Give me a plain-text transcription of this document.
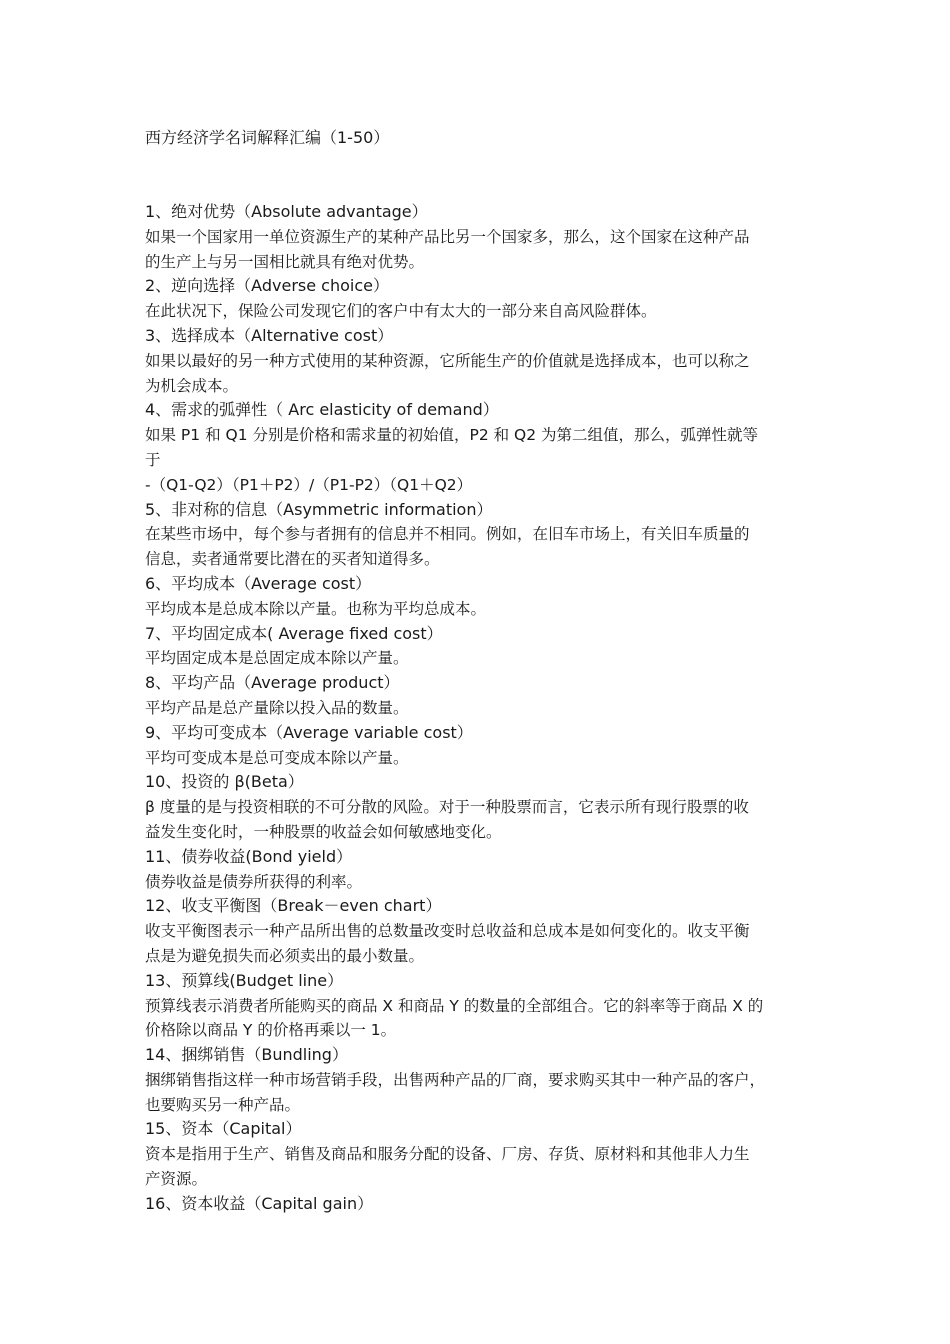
西方经济学名词解释汇编（1-50）
1、绝对优势（Absolute advantage）
如果一个国家用一单位资源生产的某种产品比另一个国家多，那么，这个国家在这种产品
的生产上与另一国相比就具有绝对优势。
2、逆向选择（Adverse choice）
在此状况下，保险公司发现它们的客户中有太大的一部分来自高风险群体。
3、选择成本（Alternative cost）
如果以最好的另一种方式使用的某种资源，它所能生产的价值就是选择成本，也可以称之
为机会成本。
4、需求的弧弹性（ Arc elasticity of demand）
如果 P1 和 Q1 分别是价格和需求量的初始值，P2 和 Q2 为第二组值，那么，弧弹性就等
于
-（Q1-Q2）（P1＋P2）/（P1-P2）（Q1＋Q2）
5、非对称的信息（Asymmetric information）
在某些市场中，每个参与者拥有的信息并不相同。例如，在旧车市场上，有关旧车质量的
信息，卖者通常要比潜在的买者知道得多。
6、平均成本（Average cost）
平均成本是总成本除以产量。也称为平均总成本。
7、平均固定成本( Average fixed cost）
平均固定成本是总固定成本除以产量。
8、平均产品（Average product）
平均产品是总产量除以投入品的数量。
9、平均可变成本（Average variable cost）
平均可变成本是总可变成本除以产量。
10、投资的 β(Beta）
β 度量的是与投资相联的不可分散的风险。对于一种股票而言，它表示所有现行股票的收
益发生变化时，一种股票的收益会如何敏感地变化。
11、债券收益(Bond yield）
债券收益是债券所获得的利率。
12、收支平衡图（Break－even chart）
收支平衡图表示一种产品所出售的总数量改变时总收益和总成本是如何变化的。收支平衡
点是为避免损失而必须卖出的最小数量。
13、预算线(Budget line）
预算线表示消费者所能购买的商品 X 和商品 Y 的数量的全部组合。它的斜率等于商品 X 的
价格除以商品 Y 的价格再乘以一 1。
14、捆绑销售（Bundling）
捆绑销售指这样一种市场营销手段，出售两种产品的厂商，要求购买其中一种产品的客户，
也要购买另一种产品。
15、资本（Capital）
资本是指用于生产、销售及商品和服务分配的设备、厂房、存货、原材料和其他非人力生
产资源。
16、资本收益（Capital gain）
